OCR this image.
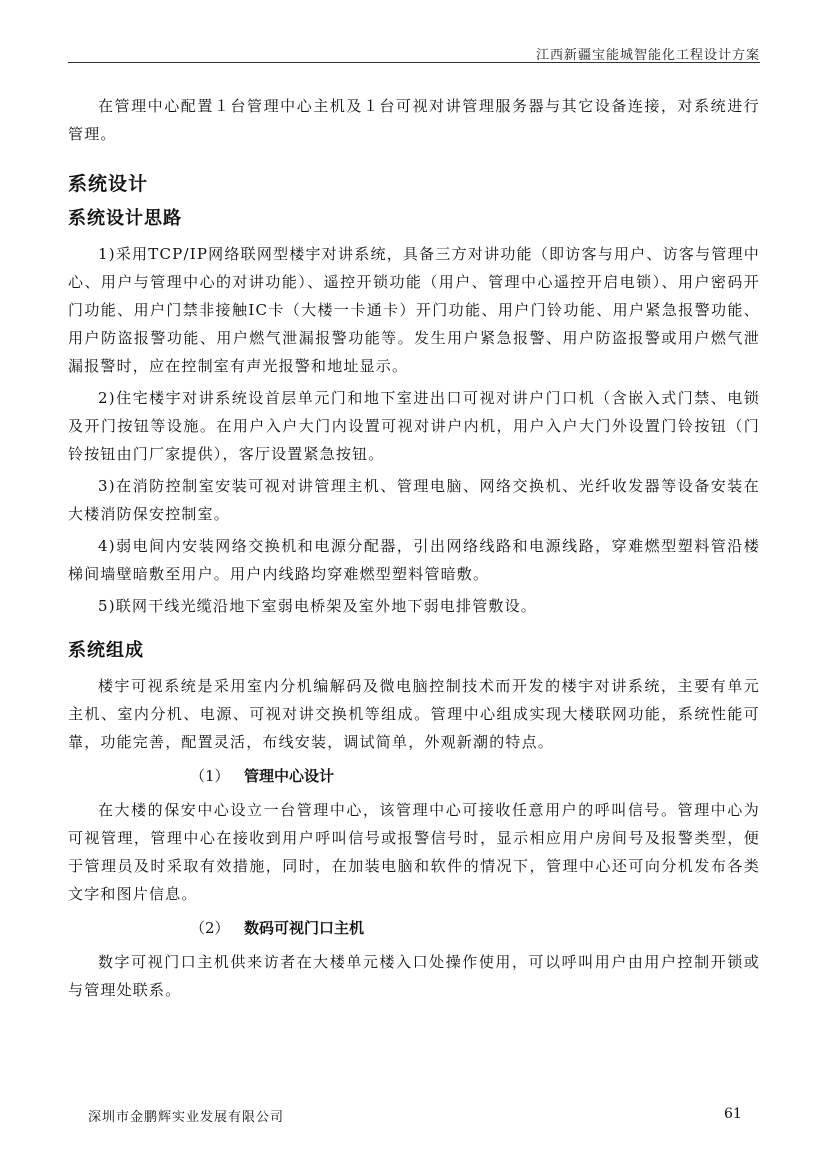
江西新疆宝能城智能化工程设计方案

在管理中心配置１台管理中心主机及１台可视对讲管理服务器与其它设备连接，对系统进行管理。

系统设计
系统设计思路

1)采用TCP/IP网络联网型楼宇对讲系统，具备三方对讲功能（即访客与用户、访客与管理中心、用户与管理中心的对讲功能）、遥控开锁功能（用户、管理中心遥控开启电锁）、用户密码开门功能、用户门禁非接触IC卡（大楼一卡通卡）开门功能、用户门铃功能、用户紧急报警功能、用户防盗报警功能、用户燃气泄漏报警功能等。发生用户紧急报警、用户防盗报警或用户燃气泄漏报警时，应在控制室有声光报警和地址显示。

2)住宅楼宇对讲系统设首层单元门和地下室进出口可视对讲户门口机（含嵌入式门禁、电锁及开门按钮等设施。在用户入户大门内设置可视对讲户内机，用户入户大门外设置门铃按钮（门铃按钮由门厂家提供），客厅设置紧急按钮。

3)在消防控制室安装可视对讲管理主机、管理电脑、网络交换机、光纤收发器等设备安装在大楼消防保安控制室。

4)弱电间内安装网络交换机和电源分配器，引出网络线路和电源线路，穿难燃型塑料管沿楼梯间墙壁暗敷至用户。用户内线路均穿难燃型塑料管暗敷。

5)联网干线光缆沿地下室弱电桥架及室外地下弱电排管敷设。

系统组成

楼宇可视系统是采用室内分机编解码及微电脑控制技术而开发的楼宇对讲系统，主要有单元主机、室内分机、电源、可视对讲交换机等组成。管理中心组成实现大楼联网功能，系统性能可靠，功能完善，配置灵活，布线安装，调试简单，外观新潮的特点。

（1） 管理中心设计

在大楼的保安中心设立一台管理中心，该管理中心可接收任意用户的呼叫信号。管理中心为可视管理，管理中心在接收到用户呼叫信号或报警信号时，显示相应用户房间号及报警类型，便于管理员及时采取有效措施，同时，在加装电脑和软件的情况下，管理中心还可向分机发布各类文字和图片信息。

（2） 数码可视门口主机

数字可视门口主机供来访者在大楼单元楼入口处操作使用，可以呼叫用户由用户控制开锁或与管理处联系。

深圳市金鹏辉实业发展有限公司	61
